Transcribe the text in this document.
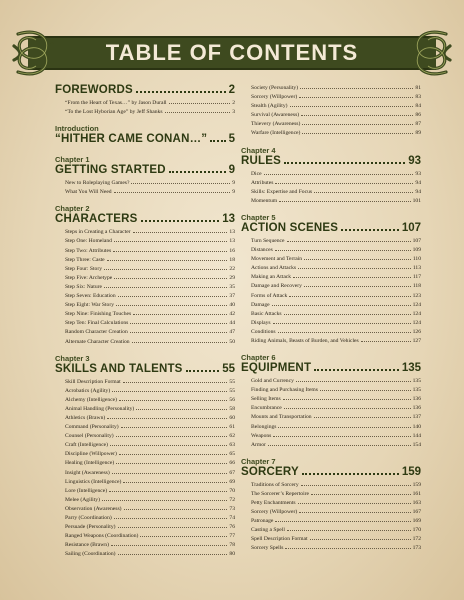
TABLE OF CONTENTS
FOREWORDS	2
“From the Heart of Texas…” by Jason Durall	2
“To the Lost Hyborian Age” by Jeff Shanks	3
Introduction
“HITHER CAME CONAN…” 5
Chapter 1
GETTING STARTED	9
New to Roleplaying Games?	9
What You Will Need	9
Chapter 2
CHARACTERS	13
Steps in Creating a Character	13
Step One: Homeland	13
Step Two: Attributes	16
Step Three: Caste	18
Step Four: Story	22
Step Five: Archetype	29
Step Six: Nature	35
Step Seven: Education	37
Step Eight: War Story	40
Step Nine: Finishing Touches	42
Step Ten: Final Calculations	44
Random Character Creation	47
Alternate Character Creation	50
Chapter 3
SKILLS AND TALENTS	55
Skill Description Format	55
Acrobatics (Agility)	55
Alchemy (Intelligence)	56
Animal Handling (Personality)	58
Athletics (Brawn)	60
Command (Personality)	61
Counsel (Personality)	62
Craft (Intelligence)	63
Discipline (Willpower)	65
Healing (Intelligence)	66
Insight (Awareness)	67
Linguistics (Intelligence)	69
Lore (Intelligence)	70
Melee (Agility)	72
Observation (Awareness)	73
Parry (Coordination)	74
Persuade (Personality)	76
Ranged Weapons (Coordination)	77
Resistance (Brawn)	78
Sailing (Coordination)	80
Society (Personality)	81
Sorcery (Willpower)	83
Stealth (Agility)	84
Survival (Awareness)	86
Thievery (Awareness)	87
Warfare (Intelligence)	89
Chapter 4
RULES	93
Dice	93
Attributes	94
Skills: Expertise and Focus	94
Momentum	101
Chapter 5
ACTION SCENES	107
Turn Sequence	107
Distances	109
Movement and Terrain	110
Actions and Attacks	113
Making an Attack	117
Damage and Recovery	118
Forms of Attack	123
Damage	124
Basic Attacks	124
Displays	124
Conditions	126
Riding Animals, Beasts of Burden, and Vehicles	127
Chapter 6
EQUIPMENT	135
Gold and Currency	135
Finding and Purchasing Items	135
Selling Items	136
Encumbrance	136
Mounts and Transportation	137
Belongings	140
Weapons	144
Armor	154
Chapter 7
SORCERY	159
Traditions of Sorcery	159
The Sorcerer’s Repertoire	161
Petty Enchantments	163
Sorcery (Willpower)	167
Patronage	169
Casting a Spell	170
Spell Description Format	172
Sorcery Spells	173
